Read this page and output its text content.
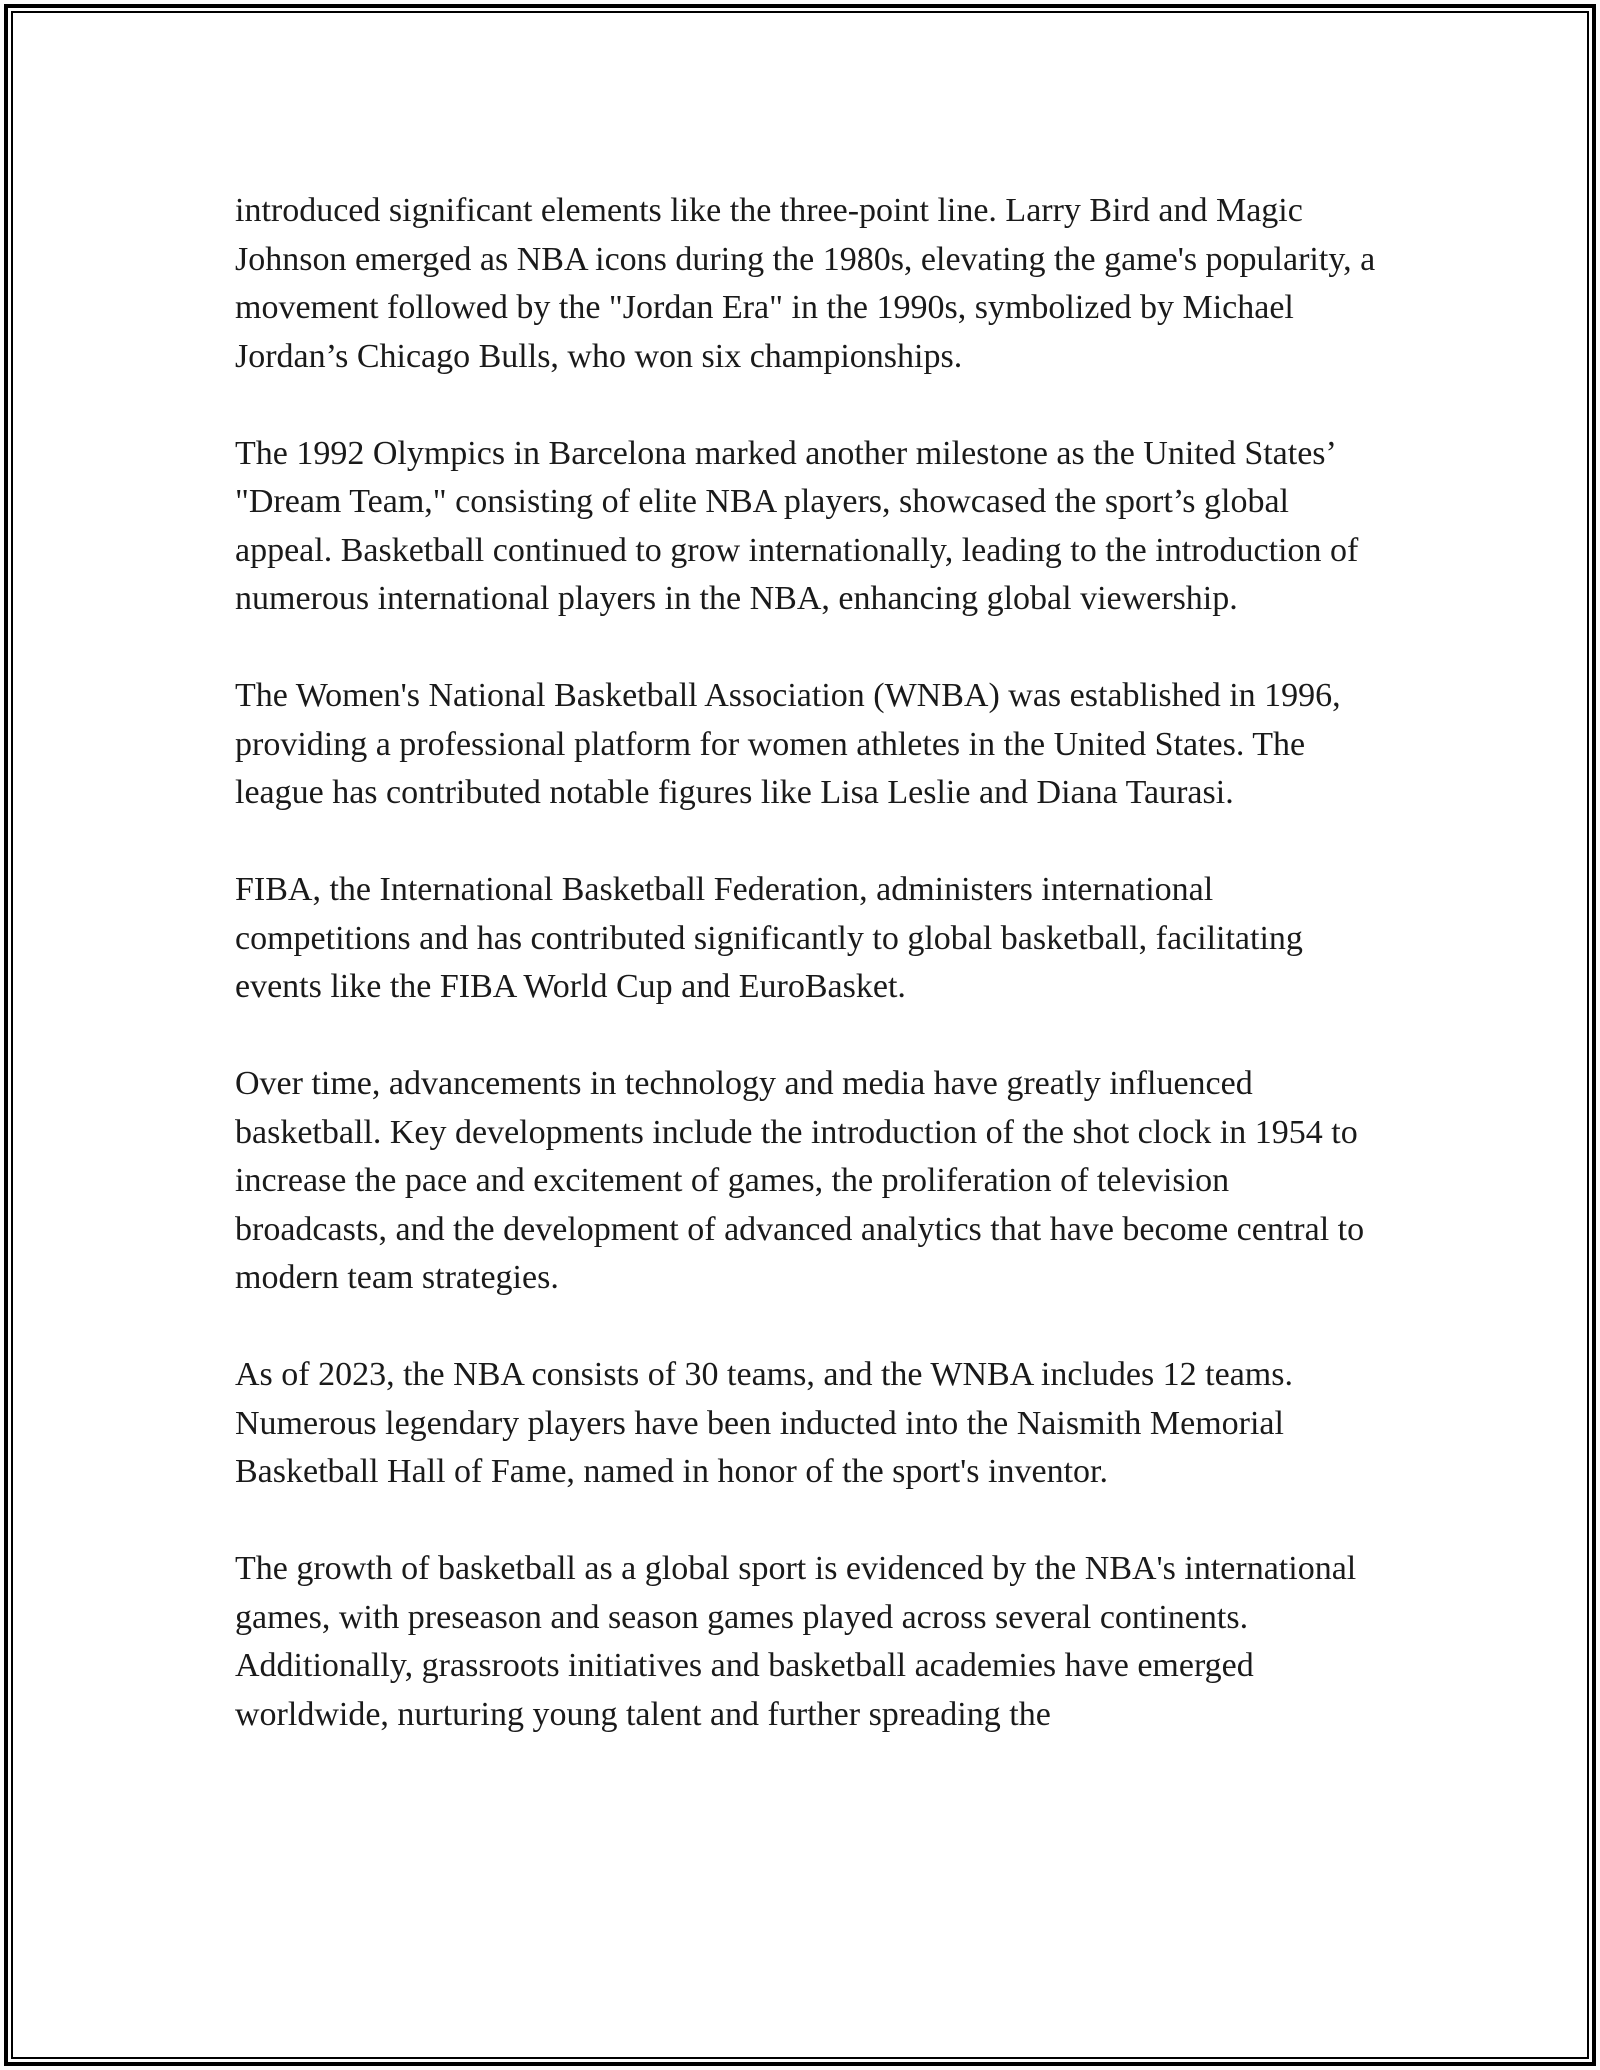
introduced significant elements like the three-point line. Larry Bird and Magic Johnson emerged as NBA icons during the 1980s, elevating the game's popularity, a movement followed by the "Jordan Era" in the 1990s, symbolized by Michael Jordan’s Chicago Bulls, who won six championships.

The 1992 Olympics in Barcelona marked another milestone as the United States’ "Dream Team," consisting of elite NBA players, showcased the sport’s global appeal. Basketball continued to grow internationally, leading to the introduction of numerous international players in the NBA, enhancing global viewership.

The Women's National Basketball Association (WNBA) was established in 1996, providing a professional platform for women athletes in the United States. The league has contributed notable figures like Lisa Leslie and Diana Taurasi.

FIBA, the International Basketball Federation, administers international competitions and has contributed significantly to global basketball, facilitating events like the FIBA World Cup and EuroBasket.

Over time, advancements in technology and media have greatly influenced basketball. Key developments include the introduction of the shot clock in 1954 to increase the pace and excitement of games, the proliferation of television broadcasts, and the development of advanced analytics that have become central to modern team strategies.

As of 2023, the NBA consists of 30 teams, and the WNBA includes 12 teams. Numerous legendary players have been inducted into the Naismith Memorial Basketball Hall of Fame, named in honor of the sport's inventor.

The growth of basketball as a global sport is evidenced by the NBA's international games, with preseason and season games played across several continents. Additionally, grassroots initiatives and basketball academies have emerged worldwide, nurturing young talent and further spreading the
